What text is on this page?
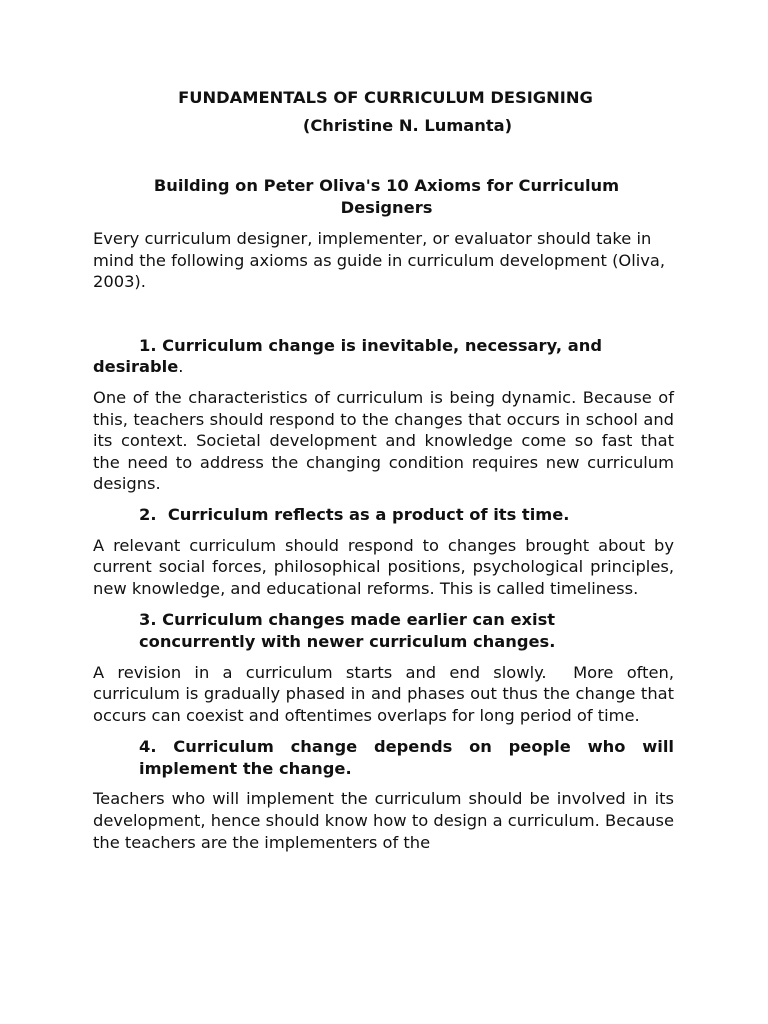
FUNDAMENTALS OF CURRICULUM DESIGNING

(Christine N. Lumanta)

Building on Peter Oliva's 10 Axioms for Curriculum Designers

Every curriculum designer, implementer, or evaluator should take in mind the following axioms as guide in curriculum development (Oliva, 2003).

1. Curriculum change is inevitable, necessary, and desirable.

One of the characteristics of curriculum is being dynamic. Because of this, teachers should respond to the changes that occurs in school and its context. Societal development and knowledge come so fast that the need to address the changing condition requires new curriculum designs.

2.  Curriculum reflects as a product of its time.

A relevant curriculum should respond to changes brought about by current social forces, philosophical positions, psychological principles, new knowledge, and educational reforms. This is called timeliness.

3. Curriculum changes made earlier can exist concurrently with newer curriculum changes.

A revision in a curriculum starts and end slowly.  More often, curriculum is gradually phased in and phases out thus the change that occurs can coexist and oftentimes overlaps for long period of time.

4. Curriculum change depends on people who will implement the change.

Teachers who will implement the curriculum should be involved in its development, hence should know how to design a curriculum. Because the teachers are the implementers of the
